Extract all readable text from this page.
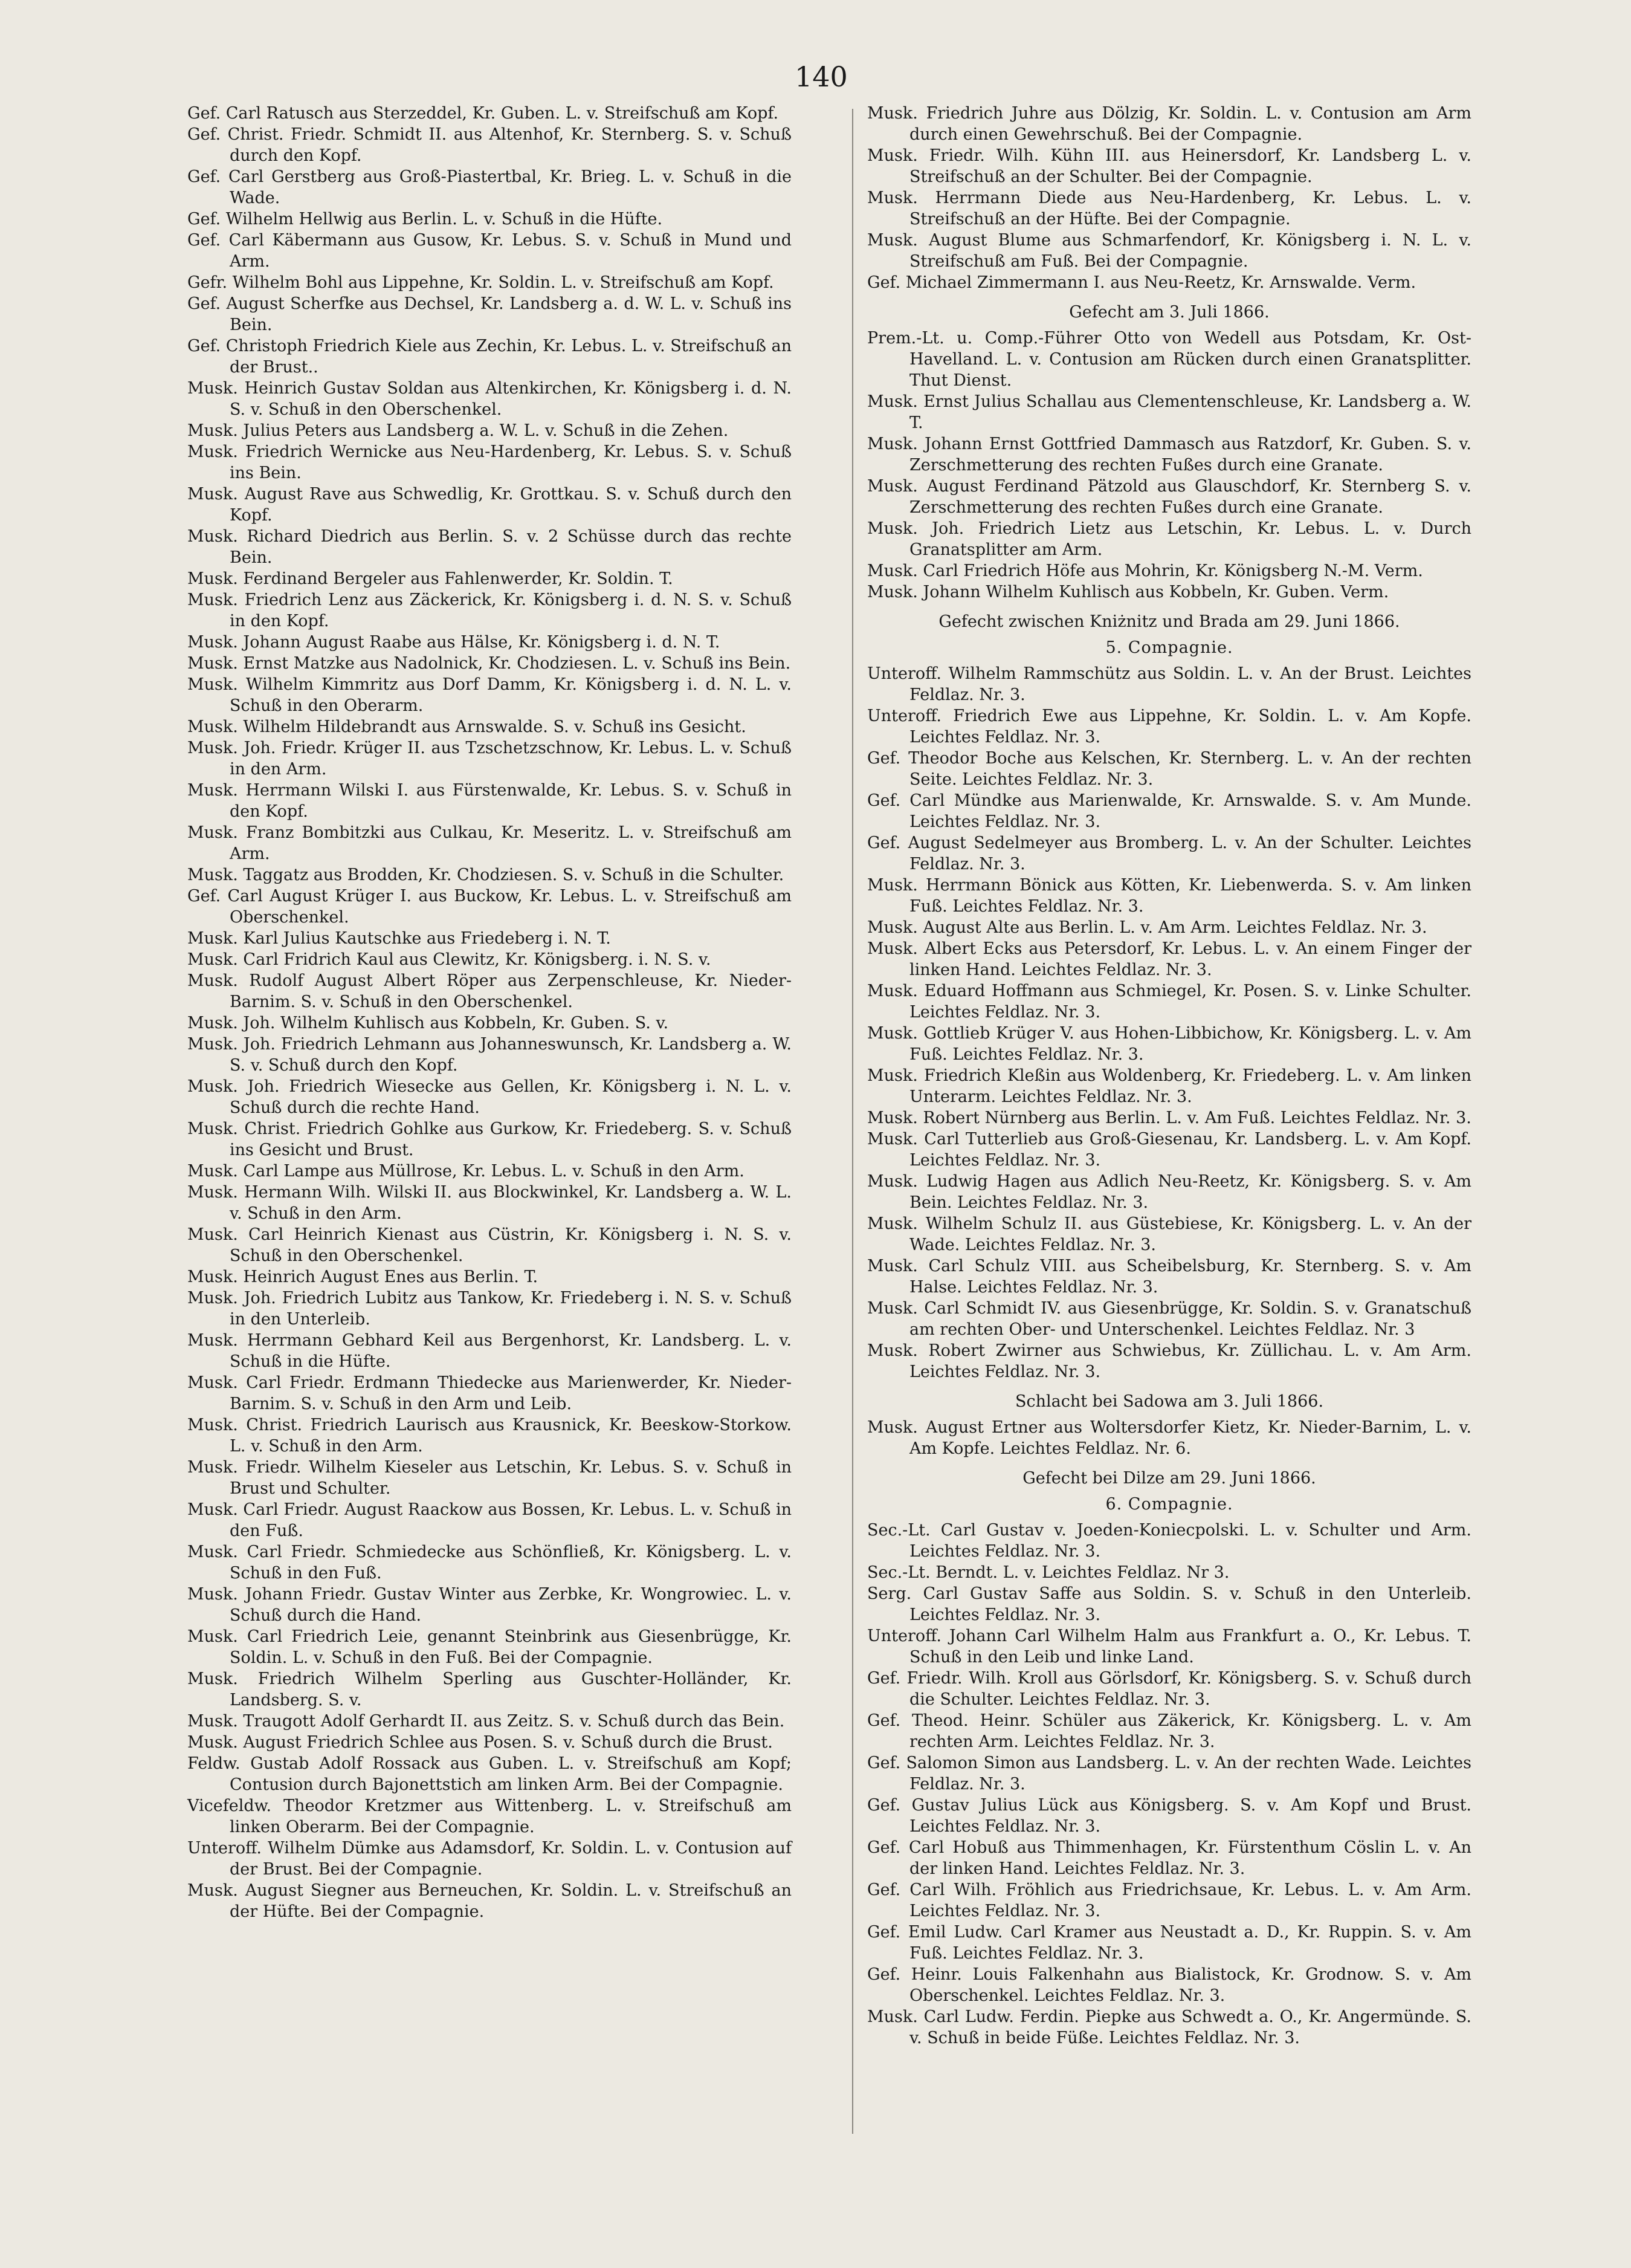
140

Gef. Carl Ratusch aus Sterzeddel, Kr. Guben. L. v. Streifschuß am Kopf.

Gef. Christ. Friedr. Schmidt II. aus Altenhof, Kr. Sternberg. S. v. Schuß durch den Kopf.

Gef. Carl Gerstberg aus Groß-Piastertbal, Kr. Brieg. L. v. Schuß in die Wade.

Gef. Wilhelm Hellwig aus Berlin. L. v. Schuß in die Hüfte.

Gef. Carl Käbermann aus Gusow, Kr. Lebus. S. v. Schuß in Mund und Arm.

Gefr. Wilhelm Bohl aus Lippehne, Kr. Soldin. L. v. Streifschuß am Kopf.

Gef. August Scherfke aus Dechsel, Kr. Landsberg a. d. W. L. v. Schuß ins Bein.

Gef. Christoph Friedrich Kiele aus Zechin, Kr. Lebus. L. v. Streifschuß an der Brust..

Musk. Heinrich Gustav Soldan aus Altenkirchen, Kr. Königsberg i. d. N. S. v. Schuß in den Oberschenkel.

Musk. Julius Peters aus Landsberg a. W. L. v. Schuß in die Zehen.

Musk. Friedrich Wernicke aus Neu-Hardenberg, Kr. Lebus. S. v. Schuß ins Bein.

Musk. August Rave aus Schwedlig, Kr. Grottkau. S. v. Schuß durch den Kopf.

Musk. Richard Diedrich aus Berlin. S. v. 2 Schüsse durch das rechte Bein.

Musk. Ferdinand Bergeler aus Fahlenwerder, Kr. Soldin. T.

Musk. Friedrich Lenz aus Zäckerick, Kr. Königsberg i. d. N. S. v. Schuß in den Kopf.

Musk. Johann August Raabe aus Hälse, Kr. Königsberg i. d. N. T.

Musk. Ernst Matzke aus Nadolnick, Kr. Chodziesen. L. v. Schuß ins Bein.

Musk. Wilhelm Kimmritz aus Dorf Damm, Kr. Königsberg i. d. N. L. v. Schuß in den Oberarm.

Musk. Wilhelm Hildebrandt aus Arnswalde. S. v. Schuß ins Gesicht.

Musk. Joh. Friedr. Krüger II. aus Tzschetzschnow, Kr. Lebus. L. v. Schuß in den Arm.

Musk. Herrmann Wilski I. aus Fürstenwalde, Kr. Lebus. S. v. Schuß in den Kopf.

Musk. Franz Bombitzki aus Culkau, Kr. Meseritz. L. v. Streifschuß am Arm.

Musk. Taggatz aus Brodden, Kr. Chodziesen. S. v. Schuß in die Schulter.

Gef. Carl August Krüger I. aus Buckow, Kr. Lebus. L. v. Streifschuß am Oberschenkel.

Musk. Karl Julius Kautschke aus Friedeberg i. N. T.

Musk. Carl Fridrich Kaul aus Clewitz, Kr. Königsberg. i. N. S. v.

Musk. Rudolf August Albert Röper aus Zerpenschleuse, Kr. Nieder-Barnim. S. v. Schuß in den Oberschenkel.

Musk. Joh. Wilhelm Kuhlisch aus Kobbeln, Kr. Guben. S. v.

Musk. Joh. Friedrich Lehmann aus Johanneswunsch, Kr. Landsberg a. W. S. v. Schuß durch den Kopf.

Musk. Joh. Friedrich Wiesecke aus Gellen, Kr. Königsberg i. N. L. v. Schuß durch die rechte Hand.

Musk. Christ. Friedrich Gohlke aus Gurkow, Kr. Friedeberg. S. v. Schuß ins Gesicht und Brust.

Musk. Carl Lampe aus Müllrose, Kr. Lebus. L. v. Schuß in den Arm.

Musk. Hermann Wilh. Wilski II. aus Blockwinkel, Kr. Landsberg a. W. L. v. Schuß in den Arm.

Musk. Carl Heinrich Kienast aus Cüstrin, Kr. Königsberg i. N. S. v. Schuß in den Oberschenkel.

Musk. Heinrich August Enes aus Berlin. T.

Musk. Joh. Friedrich Lubitz aus Tankow, Kr. Friedeberg i. N. S. v. Schuß in den Unterleib.

Musk. Herrmann Gebhard Keil aus Bergenhorst, Kr. Landsberg. L. v. Schuß in die Hüfte.

Musk. Carl Friedr. Erdmann Thiedecke aus Marienwerder, Kr. Nieder-Barnim. S. v. Schuß in den Arm und Leib.

Musk. Christ. Friedrich Laurisch aus Krausnick, Kr. Beeskow-Storkow. L. v. Schuß in den Arm.

Musk. Friedr. Wilhelm Kieseler aus Letschin, Kr. Lebus. S. v. Schuß in Brust und Schulter.

Musk. Carl Friedr. August Raackow aus Bossen, Kr. Lebus. L. v. Schuß in den Fuß.

Musk. Carl Friedr. Schmiedecke aus Schönfließ, Kr. Königsberg. L. v. Schuß in den Fuß.

Musk. Johann Friedr. Gustav Winter aus Zerbke, Kr. Wongrowiec. L. v. Schuß durch die Hand.

Musk. Carl Friedrich Leie, genannt Steinbrink aus Giesenbrügge, Kr. Soldin. L. v. Schuß in den Fuß. Bei der Compagnie.

Musk. Friedrich Wilhelm Sperling aus Guschter-Holländer, Kr. Landsberg. S. v.

Musk. Traugott Adolf Gerhardt II. aus Zeitz. S. v. Schuß durch das Bein.

Musk. August Friedrich Schlee aus Posen. S. v. Schuß durch die Brust.

Feldw. Gustab Adolf Rossack aus Guben. L. v. Streifschuß am Kopf; Contusion durch Bajonettstich am linken Arm. Bei der Compagnie.

Vicefeldw. Theodor Kretzmer aus Wittenberg. L. v. Streifschuß am linken Oberarm. Bei der Compagnie.

Unteroff. Wilhelm Dümke aus Adamsdorf, Kr. Soldin. L. v. Contusion auf der Brust. Bei der Compagnie.

Musk. August Siegner aus Berneuchen, Kr. Soldin. L. v. Streifschuß an der Hüfte. Bei der Compagnie.

Musk. Friedrich Juhre aus Dölzig, Kr. Soldin. L. v. Contusion am Arm durch einen Gewehrschuß. Bei der Compagnie.

Musk. Friedr. Wilh. Kühn III. aus Heinersdorf, Kr. Landsberg L. v. Streifschuß an der Schulter. Bei der Compagnie.

Musk. Herrmann Diede aus Neu-Hardenberg, Kr. Lebus. L. v. Streifschuß an der Hüfte. Bei der Compagnie.

Musk. August Blume aus Schmarfendorf, Kr. Königsberg i. N. L. v. Streifschuß am Fuß. Bei der Compagnie.

Gef. Michael Zimmermann I. aus Neu-Reetz, Kr. Arnswalde. Verm.

Gefecht am 3. Juli 1866.

Prem.-Lt. u. Comp.-Führer Otto von Wedell aus Potsdam, Kr. Ost-Havelland. L. v. Contusion am Rücken durch einen Granatsplitter. Thut Dienst.

Musk. Ernst Julius Schallau aus Clementenschleuse, Kr. Landsberg a. W. T.

Musk. Johann Ernst Gottfried Dammasch aus Ratzdorf, Kr. Guben. S. v. Zerschmetterung des rechten Fußes durch eine Granate.

Musk. August Ferdinand Pätzold aus Glauschdorf, Kr. Sternberg S. v. Zerschmetterung des rechten Fußes durch eine Granate.

Musk. Joh. Friedrich Lietz aus Letschin, Kr. Lebus. L. v. Durch Granatsplitter am Arm.

Musk. Carl Friedrich Höfe aus Mohrin, Kr. Königsberg N.-M. Verm.

Musk. Johann Wilhelm Kuhlisch aus Kobbeln, Kr. Guben. Verm.

Gefecht zwischen Kniżnitz und Brada am 29. Juni 1866.

5. Compagnie.

Unteroff. Wilhelm Rammschütz aus Soldin. L. v. An der Brust. Leichtes Feldlaz. Nr. 3.

Unteroff. Friedrich Ewe aus Lippehne, Kr. Soldin. L. v. Am Kopfe. Leichtes Feldlaz. Nr. 3.

Gef. Theodor Boche aus Kelschen, Kr. Sternberg. L. v. An der rechten Seite. Leichtes Feldlaz. Nr. 3.

Gef. Carl Mündke aus Marienwalde, Kr. Arnswalde. S. v. Am Munde. Leichtes Feldlaz. Nr. 3.

Gef. August Sedelmeyer aus Bromberg. L. v. An der Schulter. Leichtes Feldlaz. Nr. 3.

Musk. Herrmann Bönick aus Kötten, Kr. Liebenwerda. S. v. Am linken Fuß. Leichtes Feldlaz. Nr. 3.

Musk. August Alte aus Berlin. L. v. Am Arm. Leichtes Feldlaz. Nr. 3.

Musk. Albert Ecks aus Petersdorf, Kr. Lebus. L. v. An einem Finger der linken Hand. Leichtes Feldlaz. Nr. 3.

Musk. Eduard Hoffmann aus Schmiegel, Kr. Posen. S. v. Linke Schulter. Leichtes Feldlaz. Nr. 3.

Musk. Gottlieb Krüger V. aus Hohen-Libbichow, Kr. Königsberg. L. v. Am Fuß. Leichtes Feldlaz. Nr. 3.

Musk. Friedrich Kleßin aus Woldenberg, Kr. Friedeberg. L. v. Am linken Unterarm. Leichtes Feldlaz. Nr. 3.

Musk. Robert Nürnberg aus Berlin. L. v. Am Fuß. Leichtes Feldlaz. Nr. 3.

Musk. Carl Tutterlieb aus Groß-Giesenau, Kr. Landsberg. L. v. Am Kopf. Leichtes Feldlaz. Nr. 3.

Musk. Ludwig Hagen aus Adlich Neu-Reetz, Kr. Königsberg. S. v. Am Bein. Leichtes Feldlaz. Nr. 3.

Musk. Wilhelm Schulz II. aus Güstebiese, Kr. Königsberg. L. v. An der Wade. Leichtes Feldlaz. Nr. 3.

Musk. Carl Schulz VIII. aus Scheibelsburg, Kr. Sternberg. S. v. Am Halse. Leichtes Feldlaz. Nr. 3.

Musk. Carl Schmidt IV. aus Giesenbrügge, Kr. Soldin. S. v. Granatschuß am rechten Ober- und Unterschenkel. Leichtes Feldlaz. Nr. 3

Musk. Robert Zwirner aus Schwiebus, Kr. Züllichau. L. v. Am Arm. Leichtes Feldlaz. Nr. 3.

Schlacht bei Sadowa am 3. Juli 1866.

Musk. August Ertner aus Woltersdorfer Kietz, Kr. Nieder-Barnim, L. v. Am Kopfe. Leichtes Feldlaz. Nr. 6.

Gefecht bei Dilze am 29. Juni 1866.

6. Compagnie.

Sec.-Lt. Carl Gustav v. Joeden-Koniecpolski. L. v. Schulter und Arm. Leichtes Feldlaz. Nr. 3.

Sec.-Lt. Berndt. L. v. Leichtes Feldlaz. Nr 3.

Serg. Carl Gustav Saffe aus Soldin. S. v. Schuß in den Unterleib. Leichtes Feldlaz. Nr. 3.

Unteroff. Johann Carl Wilhelm Halm aus Frankfurt a. O., Kr. Lebus. T. Schuß in den Leib und linke Land.

Gef. Friedr. Wilh. Kroll aus Görlsdorf, Kr. Königsberg. S. v. Schuß durch die Schulter. Leichtes Feldlaz. Nr. 3.

Gef. Theod. Heinr. Schüler aus Zäkerick, Kr. Königsberg. L. v. Am rechten Arm. Leichtes Feldlaz. Nr. 3.

Gef. Salomon Simon aus Landsberg. L. v. An der rechten Wade. Leichtes Feldlaz. Nr. 3.

Gef. Gustav Julius Lück aus Königsberg. S. v. Am Kopf und Brust. Leichtes Feldlaz. Nr. 3.

Gef. Carl Hobuß aus Thimmenhagen, Kr. Fürstenthum Cöslin L. v. An der linken Hand. Leichtes Feldlaz. Nr. 3.

Gef. Carl Wilh. Fröhlich aus Friedrichsaue, Kr. Lebus. L. v. Am Arm. Leichtes Feldlaz. Nr. 3.

Gef. Emil Ludw. Carl Kramer aus Neustadt a. D., Kr. Ruppin. S. v. Am Fuß. Leichtes Feldlaz. Nr. 3.

Gef. Heinr. Louis Falkenhahn aus Bialistock, Kr. Grodnow. S. v. Am Oberschenkel. Leichtes Feldlaz. Nr. 3.

Musk. Carl Ludw. Ferdin. Piepke aus Schwedt a. O., Kr. Angermünde. S. v. Schuß in beide Füße. Leichtes Feldlaz. Nr. 3.
